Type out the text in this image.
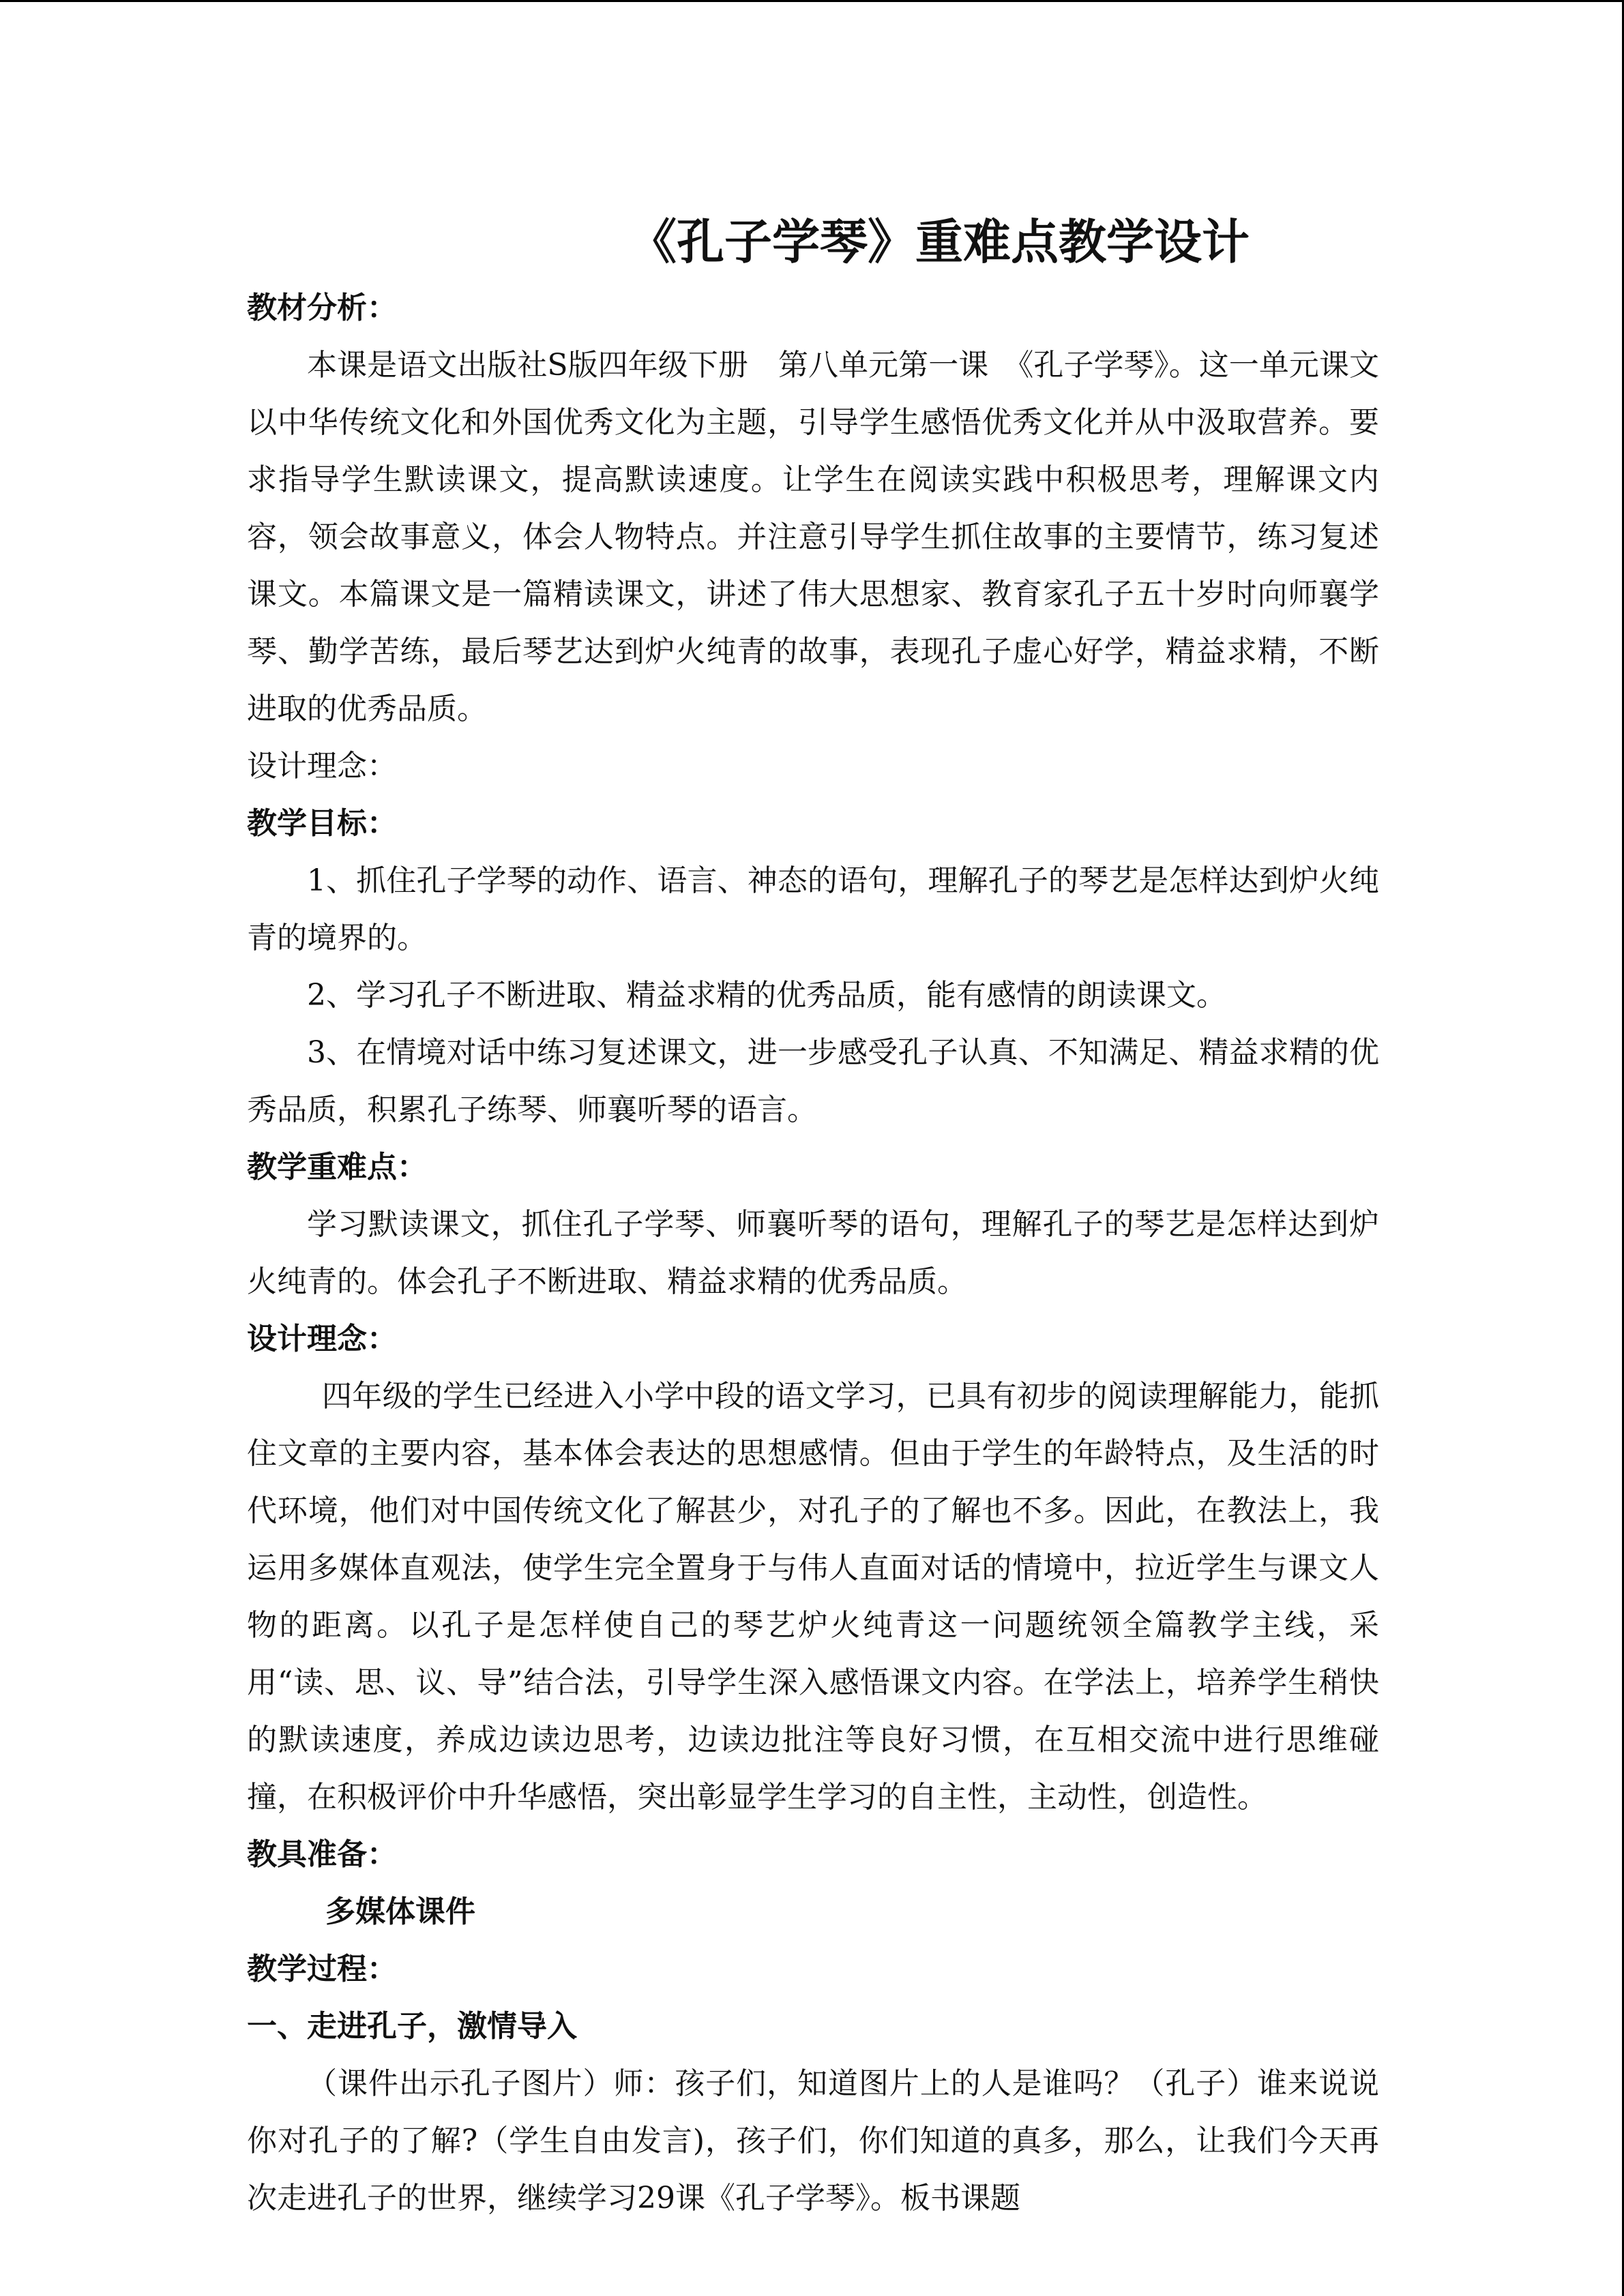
《孔子学琴》重难点教学设计

教材分析：

本课是语文出版社S版四年级下册　第八单元第一课　《孔子学琴》。这一单元课文以中华传统文化和外国优秀文化为主题，引导学生感悟优秀文化并从中汲取营养。要求指导学生默读课文，提高默读速度。让学生在阅读实践中积极思考，理解课文内容，领会故事意义，体会人物特点。并注意引导学生抓住故事的主要情节，练习复述课文。本篇课文是一篇精读课文，讲述了伟大思想家、教育家孔子五十岁时向师襄学琴、勤学苦练，最后琴艺达到炉火纯青的故事，表现孔子虚心好学，精益求精，不断进取的优秀品质。

设计理念：

教学目标：

1、抓住孔子学琴的动作、语言、神态的语句，理解孔子的琴艺是怎样达到炉火纯青的境界的。

2、学习孔子不断进取、精益求精的优秀品质，能有感情的朗读课文。

3、在情境对话中练习复述课文，进一步感受孔子认真、不知满足、精益求精的优秀品质，积累孔子练琴、师襄听琴的语言。

教学重难点：

学习默读课文，抓住孔子学琴、师襄听琴的语句，理解孔子的琴艺是怎样达到炉火纯青的。体会孔子不断进取、精益求精的优秀品质。

设计理念：

四年级的学生已经进入小学中段的语文学习，已具有初步的阅读理解能力，能抓住文章的主要内容，基本体会表达的思想感情。但由于学生的年龄特点，及生活的时代环境，他们对中国传统文化了解甚少，对孔子的了解也不多。因此，在教法上，我运用多媒体直观法，使学生完全置身于与伟人直面对话的情境中，拉近学生与课文人物的距离。以孔子是怎样使自己的琴艺炉火纯青这一问题统领全篇教学主线，采用“读、思、议、导”结合法，引导学生深入感悟课文内容。在学法上，培养学生稍快的默读速度，养成边读边思考，边读边批注等良好习惯，在互相交流中进行思维碰撞，在积极评价中升华感悟，突出彰显学生学习的自主性，主动性，创造性。

教具准备：

多媒体课件

教学过程：

一、走进孔子，激情导入

（课件出示孔子图片）师：孩子们，知道图片上的人是谁吗？（孔子）谁来说说你对孔子的了解?（学生自由发言)，孩子们，你们知道的真多，那么，让我们今天再次走进孔子的世界，继续学习29课《孔子学琴》。板书课题
